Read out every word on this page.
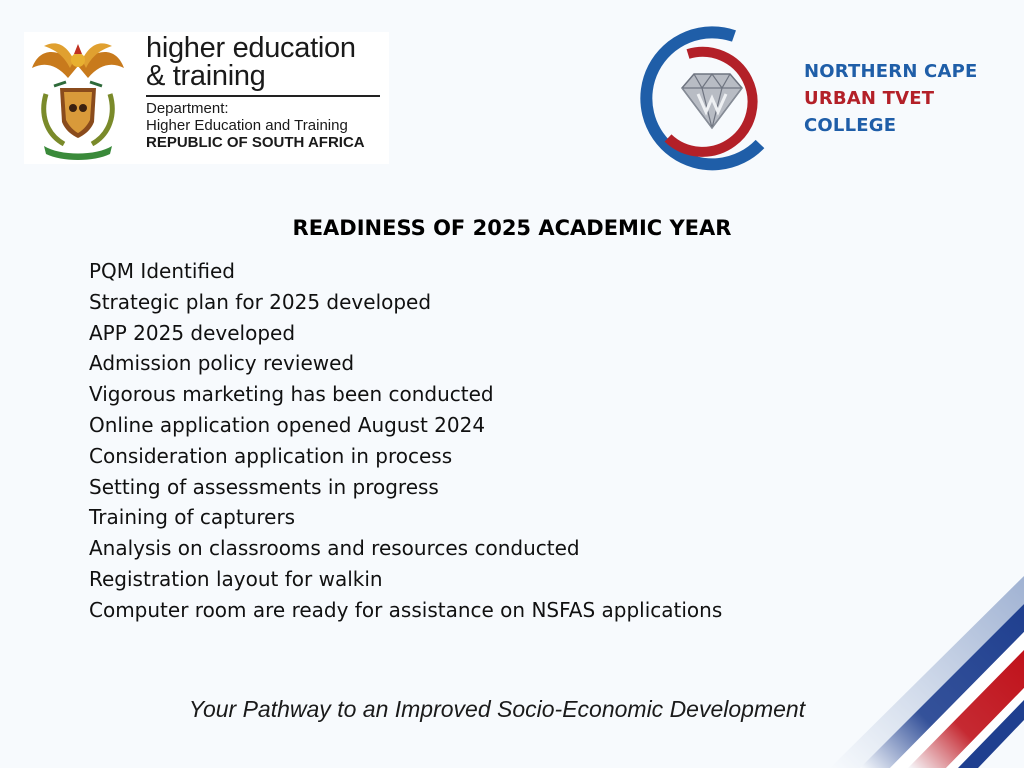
higher education
& training
Department:
Higher Education and Training
REPUBLIC OF SOUTH AFRICA
NORTHERN CAPE
URBAN TVET
COLLEGE
READINESS OF 2025 ACADEMIC YEAR
PQM Identified
Strategic plan for 2025 developed
APP 2025 developed
Admission policy reviewed
Vigorous marketing has been conducted
Online application opened August 2024
Consideration application in process
Setting of assessments in progress
Training of capturers
Analysis on classrooms and resources conducted
Registration layout for walkin
Computer room are ready for assistance on NSFAS applications
Your Pathway to an Improved Socio-Economic Development
